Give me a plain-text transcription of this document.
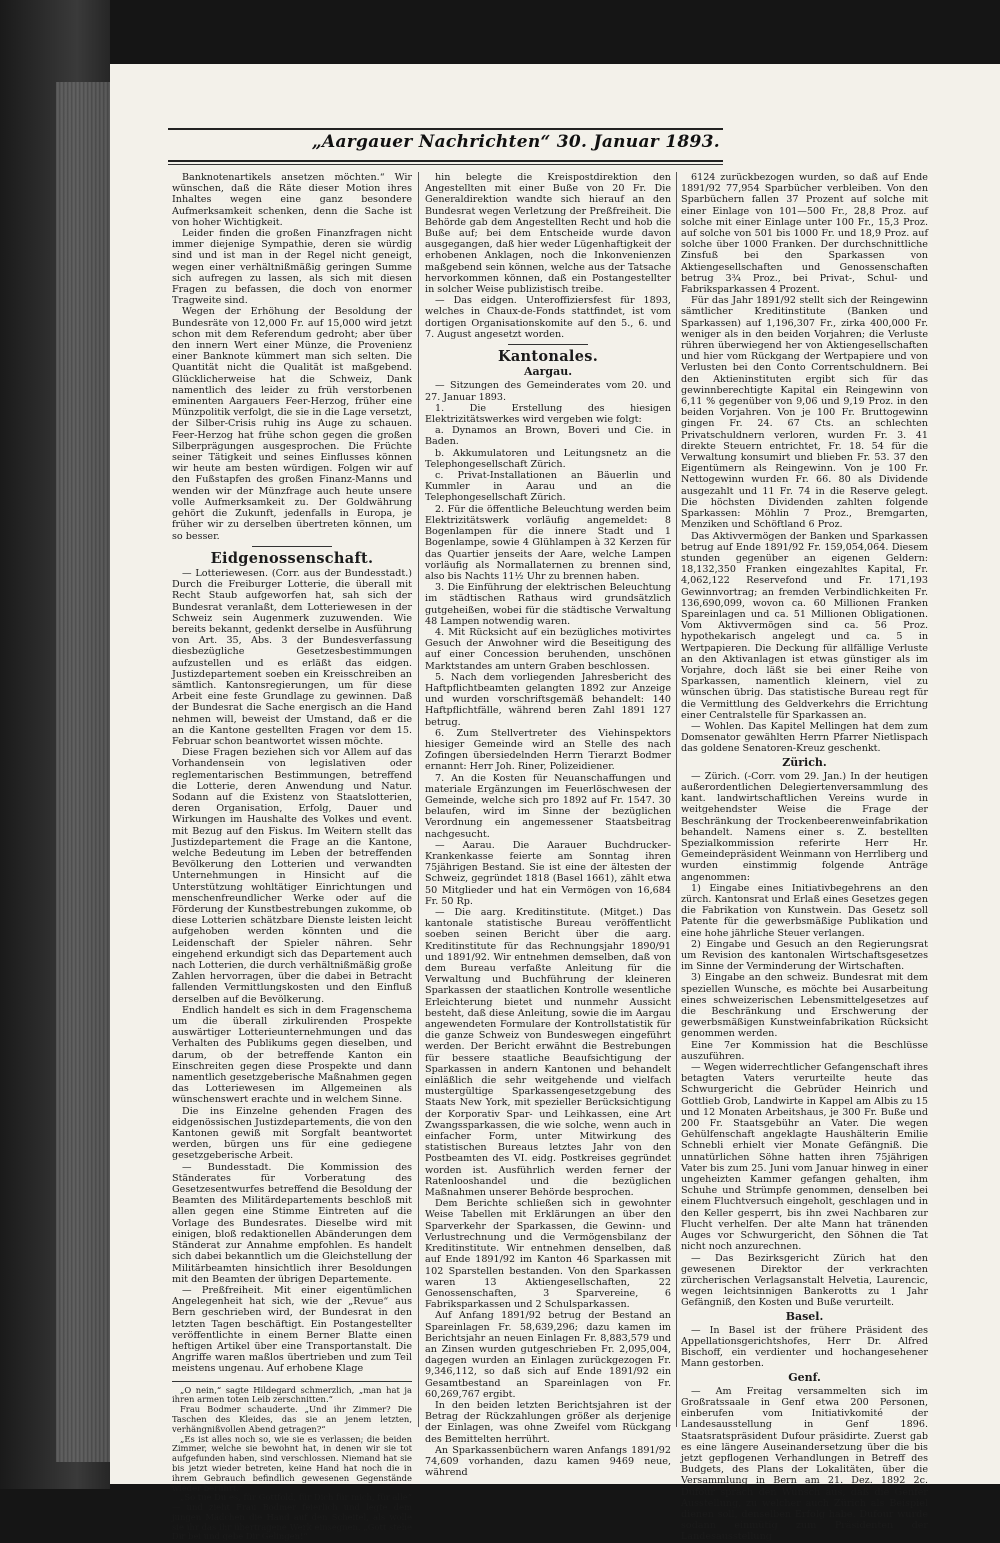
„Aargauer Nachrichten“ 30. Januar 1893.

Banknotenartikels ansetzen möchten.“ Wir wünschen, daß die Räte dieser Motion ihres Inhaltes wegen eine ganz besondere Aufmerksamkeit schenken, denn die Sache ist von hoher Wichtigkeit.

Leider finden die großen Finanzfragen nicht immer diejenige Sympathie, deren sie würdig sind und ist man in der Regel nicht geneigt, wegen einer verhältnißmäßig geringen Summe sich aufregen zu lassen, als sich mit diesen Fragen zu befassen, die doch von enormer Tragweite sind.

Wegen der Erhöhung der Besoldung der Bundesräte von 12,000 Fr. auf 15,000 wird jetzt schon mit dem Referendum gedroht; aber über den innern Wert einer Münze, die Provenienz einer Banknote kümmert man sich selten. Die Quantität nicht die Qualität ist maßgebend. Glücklicherweise hat die Schweiz, Dank namentlich des leider zu früh verstorbenen eminenten Aargauers Feer-Herzog, früher eine Münzpolitik verfolgt, die sie in die Lage versetzt, der Silber-Crisis ruhig ins Auge zu schauen. Feer-Herzog hat frühe schon gegen die großen Silberprägungen ausgesprochen. Die Früchte seiner Tätigkeit und seines Einflusses können wir heute am besten würdigen. Folgen wir auf den Fußstapfen des großen Finanz-Manns und wenden wir der Münzfrage auch heute unsere volle Aufmerksamkeit zu. Der Goldwährung gehört die Zukunft, jedenfalls in Europa, je früher wir zu derselben übertreten können, um so besser.

Eidgenossenschaft.

— Lotteriewesen. (Corr. aus der Bundesstadt.) Durch die Freiburger Lotterie, die überall mit Recht Staub aufgeworfen hat, sah sich der Bundesrat veranlaßt, dem Lotteriewesen in der Schweiz sein Augenmerk zuzuwenden. Wie bereits bekannt, gedenkt derselbe in Ausführung von Art. 35, Abs. 3 der Bundesverfassung diesbezügliche Gesetzesbestimmungen aufzustellen und es erläßt das eidgen. Justizdepartement soeben ein Kreisschreiben an sämtlich. Kantonsregierungen, um für diese Arbeit eine feste Grundlage zu gewinnen. Daß der Bundesrat die Sache energisch an die Hand nehmen will, beweist der Umstand, daß er die an die Kantone gestellten Fragen vor dem 15. Februar schon beantwortet wissen möchte.

Diese Fragen beziehen sich vor Allem auf das Vorhandensein von legislativen oder reglementarischen Bestimmungen, betreffend die Lotterie, deren Anwendung und Natur. Sodann auf die Existenz von Staatslotterien, deren Organisation, Erfolg, Dauer und Wirkungen im Haushalte des Volkes und event. mit Bezug auf den Fiskus. Im Weitern stellt das Justizdepartement die Frage an die Kantone, welche Bedeutung im Leben der betreffenden Bevölkerung den Lotterien und verwandten Unternehmungen in Hinsicht auf die Unterstützung wohltätiger Einrichtungen und menschenfreundlicher Werke oder auf die Förderung der Kunstbestrebungen zukomme, ob diese Lotterien schätzbare Dienste leisten leicht aufgehoben werden könnten und die Leidenschaft der Spieler nähren. Sehr eingehend erkundigt sich das Departement auch nach Lotterien, die durch verhältnißmäßig große Zahlen hervorragen, über die dabei in Betracht fallenden Vermittlungskosten und den Einfluß derselben auf die Bevölkerung.

Endlich handelt es sich in dem Fragenschema um die überall zirkulirenden Prospekte auswärtiger Lotterieunternehmungen und das Verhalten des Publikums gegen dieselben, und darum, ob der betreffende Kanton ein Einschreiten gegen diese Prospekte und dann namentlich gesetzgeberische Maßnahmen gegen das Lotteriewesen im Allgemeinen als wünschenswert erachte und in welchem Sinne.

Die ins Einzelne gehenden Fragen des eidgenössischen Justizdepartements, die von den Kantonen gewiß mit Sorgfalt beantwortet werden, bürgen uns für eine gediegene gesetzgeberische Arbeit.

— Bundesstadt. Die Kommission des Ständerates für Vorberatung des Gesetzesentwurfes betreffend die Besoldung der Beamten des Militärdepartements beschloß mit allen gegen eine Stimme Eintreten auf die Vorlage des Bundesrates. Dieselbe wird mit einigen, bloß redaktionellen Abänderungen dem Ständerat zur Annahme empfohlen. Es handelt sich dabei bekanntlich um die Gleichstellung der Militärbeamten hinsichtlich ihrer Besoldungen mit den Beamten der übrigen Departemente.

— Preßfreiheit. Mit einer eigentümlichen Angelegenheit hat sich, wie der „Revue“ aus Bern geschrieben wird, der Bundesrat in den letzten Tagen beschäftigt. Ein Postangestellter veröffentlichte in einem Berner Blatte einen heftigen Artikel über eine Transportanstalt. Die Angriffe waren maßlos übertrieben und zum Teil meistens ungenau. Auf erhobene Klage

„O nein,“ sagte Hildegard schmerzlich, „man hat ja ihren armen toten Leib zerschnitten.“

Frau Bodmer schauderte. „Und ihr Zimmer? Die Taschen des Kleides, das sie an jenem letzten, verhängnißvollen Abend getragen?“

„Es ist alles noch so, wie sie es verlassen; die beiden Zimmer, welche sie bewohnt hat, in denen wir sie tot aufgefunden haben, sind verschlossen. Niemand hat sie bis jetzt wieder betreten, keine Hand hat noch die in ihrem Gebrauch befindlich gewesenen Gegenstände wieder berührt.“

„So tue Du es, für Gottfold, für Dich für mich, für alle“ — und zieht Frau Bodmer feierlich und legte dem jungen Mädchen die Hand auf den Scheitel, als wolle sie ihr das ihr übertragene Werk einsegnen. „Gott stehe Dir bei und gebe Dir Gelingen!“

hin belegte die Kreispostdirektion den Angestellten mit einer Buße von 20 Fr. Die Generaldirektion wandte sich hierauf an den Bundesrat wegen Verletzung der Preßfreiheit. Die Behörde gab dem Angestellten Recht und hob die Buße auf; bei dem Entscheide wurde davon ausgegangen, daß hier weder Lügenhaftigkeit der erhobenen Anklagen, noch die Inkonvenienzen maßgebend sein können, welche aus der Tatsache hervorkommen können, daß ein Postangestellter in solcher Weise publizistisch treibe.

— Das eidgen. Unteroffiziersfest für 1893, welches in Chaux-de-Fonds stattfindet, ist vom dortigen Organisationskomite auf den 5., 6. und 7. August angesetzt worden.

Kantonales.
Aargau.

— Sitzungen des Gemeinderates vom 20. und 27. Januar 1893.

1. Die Erstellung des hiesigen Elektrizitätswerkes wird vergeben wie folgt:

a. Dynamos an Brown, Boveri und Cie. in Baden.

b. Akkumulatoren und Leitungsnetz an die Telephongesellschaft Zürich.

c. Privat-Installationen an Bäuerlin und Kummler in Aarau und an die Telephongesellschaft Zürich.

2. Für die öffentliche Beleuchtung werden beim Elektrizitätswerk vorläufig angemeldet: 8 Bogenlampen für die innere Stadt und 1 Bogenlampe, sowie 4 Glühlampen à 32 Kerzen für das Quartier jenseits der Aare, welche Lampen vorläufig als Normallaternen zu brennen sind, also bis Nachts 11½ Uhr zu brennen haben.

3. Die Einführung der elektrischen Beleuchtung im städtischen Rathaus wird grundsätzlich gutgeheißen, wobei für die städtische Verwaltung 48 Lampen notwendig waren.

4. Mit Rücksicht auf ein bezügliches motivirtes Gesuch der Anwohner wird die Beseitigung des auf einer Concession beruhenden, unschönen Marktstandes am untern Graben beschlossen.

5. Nach dem vorliegenden Jahresbericht des Haftpflichtbeamten gelangten 1892 zur Anzeige und wurden vorschriftsgemäß behandelt: 140 Haftpflichtfälle, während beren Zahl 1891 127 betrug.

6. Zum Stellvertreter des Viehinspektors hiesiger Gemeinde wird an Stelle des nach Zofingen übersiedelnden Herrn Tierarzt Bodmer ernannt: Herr Joh. Riner, Polizeidiener.

7. An die Kosten für Neuanschaffungen und materiale Ergänzungen im Feuerlöschwesen der Gemeinde, welche sich pro 1892 auf Fr. 1547. 30 belaufen, wird im Sinne der bezüglichen Verordnung ein angemessener Staatsbeitrag nachgesucht.

— Aarau. Die Aarauer Buchdrucker-Krankenkasse feierte am Sonntag ihren 75jährigen Bestand. Sie ist eine der ältesten der Schweiz, gegründet 1818 (Basel 1661), zählt etwa 50 Mitglieder und hat ein Vermögen von 16,684 Fr. 50 Rp.

— Die aarg. Kreditinstitute. (Mitget.) Das kantonale statistische Bureau veröffentlicht soeben seinen Bericht über die aarg. Kreditinstitute für das Rechnungsjahr 1890/91 und 1891/92. Wir entnehmen demselben, daß von dem Bureau verfaßte Anleitung für die Verwaltung und Buchführung der kleineren Sparkassen der staatlichen Kontrolle wesentliche Erleichterung bietet und nunmehr Aussicht besteht, daß diese Anleitung, sowie die im Aargau angewendeten Formulare der Kontrollstatistik für die ganze Schweiz von Bundeswegen eingeführt werden. Der Bericht erwähnt die Bestrebungen für bessere staatliche Beaufsichtigung der Sparkassen in andern Kantonen und behandelt einläßlich die sehr weitgehende und vielfach mustergültige Sparkassengesetzgebung des Staats New York, mit spezieller Berücksichtigung der Korporativ Spar- und Leihkassen, eine Art Zwangssparkassen, die wie solche, wenn auch in einfacher Form, unter Mitwirkung des statistischen Bureaus letztes Jahr von den Postbeamten des VI. eidg. Postkreises gegründet worden ist. Ausführlich werden ferner der Ratenlooshandel und die bezüglichen Maßnahmen unserer Behörde besprochen.

Dem Berichte schließen sich in gewohnter Weise Tabellen mit Erklärungen an über den Sparverkehr der Sparkassen, die Gewinn- und Verlustrechnung und die Vermögensbilanz der Kreditinstitute. Wir entnehmen denselben, daß auf Ende 1891/92 im Kanton 46 Sparkassen mit 102 Sparstellen bestanden. Von den Sparkassen waren 13 Aktiengesellschaften, 22 Genossenschaften, 3 Sparvereine, 6 Fabriksparkassen und 2 Schulsparkassen.

Auf Anfang 1891/92 betrug der Bestand an Spareinlagen Fr. 58,639,296; dazu kamen im Berichtsjahr an neuen Einlagen Fr. 8,883,579 und an Zinsen wurden gutgeschrieben Fr. 2,095,004, dagegen wurden an Einlagen zurückgezogen Fr. 9,346,112, so daß sich auf Ende 1891/92 ein Gesamtbestand an Spareinlagen von Fr. 60,269,767 ergibt.

In den beiden letzten Berichtsjahren ist der Betrag der Rückzahlungen größer als derjenige der Einlagen, was ohne Zweifel vom Rückgang des Bemittelten herrührt.

An Sparkassenbüchern waren Anfangs 1891/92 74,609 vorhanden, dazu kamen 9469 neue, während

6124 zurückbezogen wurden, so daß auf Ende 1891/92 77,954 Sparbücher verbleiben. Von den Sparbüchern fallen 37 Prozent auf solche mit einer Einlage von 101—500 Fr., 28,8 Proz. auf solche mit einer Einlage unter 100 Fr., 15,3 Proz. auf solche von 501 bis 1000 Fr. und 18,9 Proz. auf solche über 1000 Franken. Der durchschnittliche Zinsfuß bei den Sparkassen von Aktiengesellschaften und Genossenschaften betrug 3¾ Proz., bei Privat-, Schul- und Fabriksparkassen 4 Prozent.

Für das Jahr 1891/92 stellt sich der Reingewinn sämtlicher Kreditinstitute (Banken und Sparkassen) auf 1,196,307 Fr., zirka 400,000 Fr. weniger als in den beiden Vorjahren; die Verluste rühren überwiegend her von Aktiengesellschaften und hier vom Rückgang der Wertpapiere und von Verlusten bei den Conto Correntschuldnern. Bei den Aktieninstituten ergibt sich für das gewinnberechtigte Kapital ein Reingewinn von 6,11 % gegenüber von 9,06 und 9,19 Proz. in den beiden Vorjahren. Von je 100 Fr. Bruttogewinn gingen Fr. 24. 67 Cts. an schlechten Privatschuldnern verloren, wurden Fr. 3. 41 direkte Steuern entrichtet, Fr. 18. 54 für die Verwaltung konsumirt und blieben Fr. 53. 37 den Eigentümern als Reingewinn. Von je 100 Fr. Nettogewinn wurden Fr. 66. 80 als Dividende ausgezahlt und 11 Fr. 74 in die Reserve gelegt. Die höchsten Dividenden zahlten folgende Sparkassen: Möhlin 7 Proz., Bremgarten, Menziken und Schöftland 6 Proz.

Das Aktivvermögen der Banken und Sparkassen betrug auf Ende 1891/92 Fr. 159,054,064. Diesem stunden gegenüber an eigenen Geldern: 18,132,350 Franken eingezahltes Kapital, Fr. 4,062,122 Reservefond und Fr. 171,193 Gewinnvortrag; an fremden Verbindlichkeiten Fr. 136,690,099, wovon ca. 60 Millionen Franken Spareinlagen und ca. 51 Millionen Obligationen. Vom Aktivvermögen sind ca. 56 Proz. hypothekarisch angelegt und ca. 5 in Wertpapieren. Die Deckung für allfällige Verluste an den Aktivanlagen ist etwas günstiger als im Vorjahre, doch läßt sie bei einer Reihe von Sparkassen, namentlich kleinern, viel zu wünschen übrig. Das statistische Bureau regt für die Vermittlung des Geldverkehrs die Errichtung einer Centralstelle für Sparkassen an.

— Wohlen. Das Kapitel Mellingen hat dem zum Domsenator gewählten Herrn Pfarrer Nietlispach das goldene Senatoren-Kreuz geschenkt.

Zürich.

— Zürich. (-Corr. vom 29. Jan.) In der heutigen außerordentlichen Delegiertenversammlung des kant. landwirtschaftlichen Vereins wurde in weitgehendster Weise die Frage der Beschränkung der Trockenbeerenweinfabrikation behandelt. Namens einer s. Z. bestellten Spezialkommission referirte Herr Hr. Gemeindepräsident Weinmann von Herrliberg und wurden einstimmig folgende Anträge angenommen:

1) Eingabe eines Initiativbegehrens an den zürch. Kantonsrat und Erlaß eines Gesetzes gegen die Fabrikation von Kunstwein. Das Gesetz soll Patente für die gewerbsmäßige Publikation und eine hohe jährliche Steuer verlangen.

2) Eingabe und Gesuch an den Regierungsrat um Revision des kantonalen Wirtschaftsgesetzes im Sinne der Verminderung der Wirtschaften.

3) Eingabe an den schweiz. Bundesrat mit dem speziellen Wunsche, es möchte bei Ausarbeitung eines schweizerischen Lebensmittelgesetzes auf die Beschränkung und Erschwerung der gewerbsmäßigen Kunstweinfabrikation Rücksicht genommen werden.

Eine 7er Kommission hat die Beschlüsse auszuführen.

— Wegen widerrechtlicher Gefangenschaft ihres betagten Vaters verurteilte heute das Schwurgericht die Gebrüder Heinrich und Gottlieb Grob, Landwirte in Kappel am Albis zu 15 und 12 Monaten Arbeitshaus, je 300 Fr. Buße und 200 Fr. Staatsgebühr an Vater. Die wegen Gehülfenschaft angeklagte Haushälterin Emilie Schnebli erhielt vier Monate Gefängniß. Die unnatürlichen Söhne hatten ihren 75jährigen Vater bis zum 25. Juni vom Januar hinweg in einer ungeheizten Kammer gefangen gehalten, ihm Schuhe und Strümpfe genommen, denselben bei einem Fluchtversuch eingeholt, geschlagen und in den Keller gesperrt, bis ihn zwei Nachbaren zur Flucht verhelfen. Der alte Mann hat tränenden Auges vor Schwurgericht, den Söhnen die Tat nicht noch anzurechnen.

— Das Bezirksgericht Zürich hat den gewesenen Direktor der verkrachten zürcherischen Verlagsanstalt Helvetia, Laurencic, wegen leichtsinnigen Bankerotts zu 1 Jahr Gefängniß, den Kosten und Buße verurteilt.

Basel.

— In Basel ist der frühere Präsident des Appellationsgerichtshofes, Herr Dr. Alfred Bischoff, ein verdienter und hochangesehener Mann gestorben.

Genf.

— Am Freitag versammelten sich im Großratssaale in Genf etwa 200 Personen, einberufen vom Initiativkomité der Landesausstellung in Genf 1896. Staatsratspräsident Dufour präsidirte. Zuerst gab es eine längere Auseinandersetzung über die bis jetzt gepflogenen Verhandlungen in Betreff des Budgets, des Plans der Lokalitäten, über die Versammlung in Bern am 21. Dez. 1892 2c. Dufour sprach den Wunsch aus, daß die Genfer Ausstellung, zu welcher auch Zürich als Beispiel dienen soll, denselben Erfolg habe. Dufour wurde sodann einmütig zum Präsidenten der Landesausstellung
